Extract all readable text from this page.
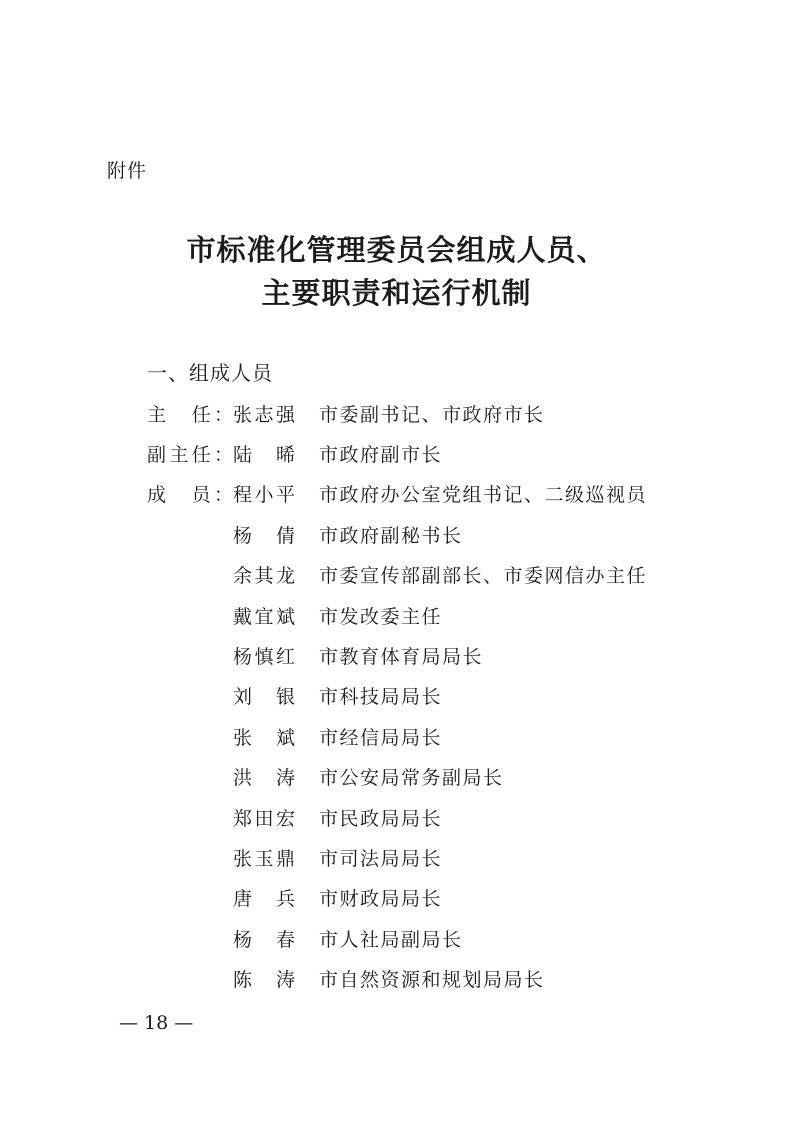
附件
市标准化管理委员会组成人员、
主要职责和运行机制
一、组成人员
主　任： 张志强 市委副书记、市政府市长
副主任： 陆晞 市政府副市长
成　员： 程小平 市政府办公室党组书记、二级巡视员
杨倩 市政府副秘书长
余其龙 市委宣传部副部长、市委网信办主任
戴宜斌 市发改委主任
杨慎红 市教育体育局局长
刘银 市科技局局长
张斌 市经信局局长
洪涛 市公安局常务副局长
郑田宏 市民政局局长
张玉鼎 市司法局局长
唐兵 市财政局局长
杨春 市人社局副局长
陈涛 市自然资源和规划局局长
— 18 —
